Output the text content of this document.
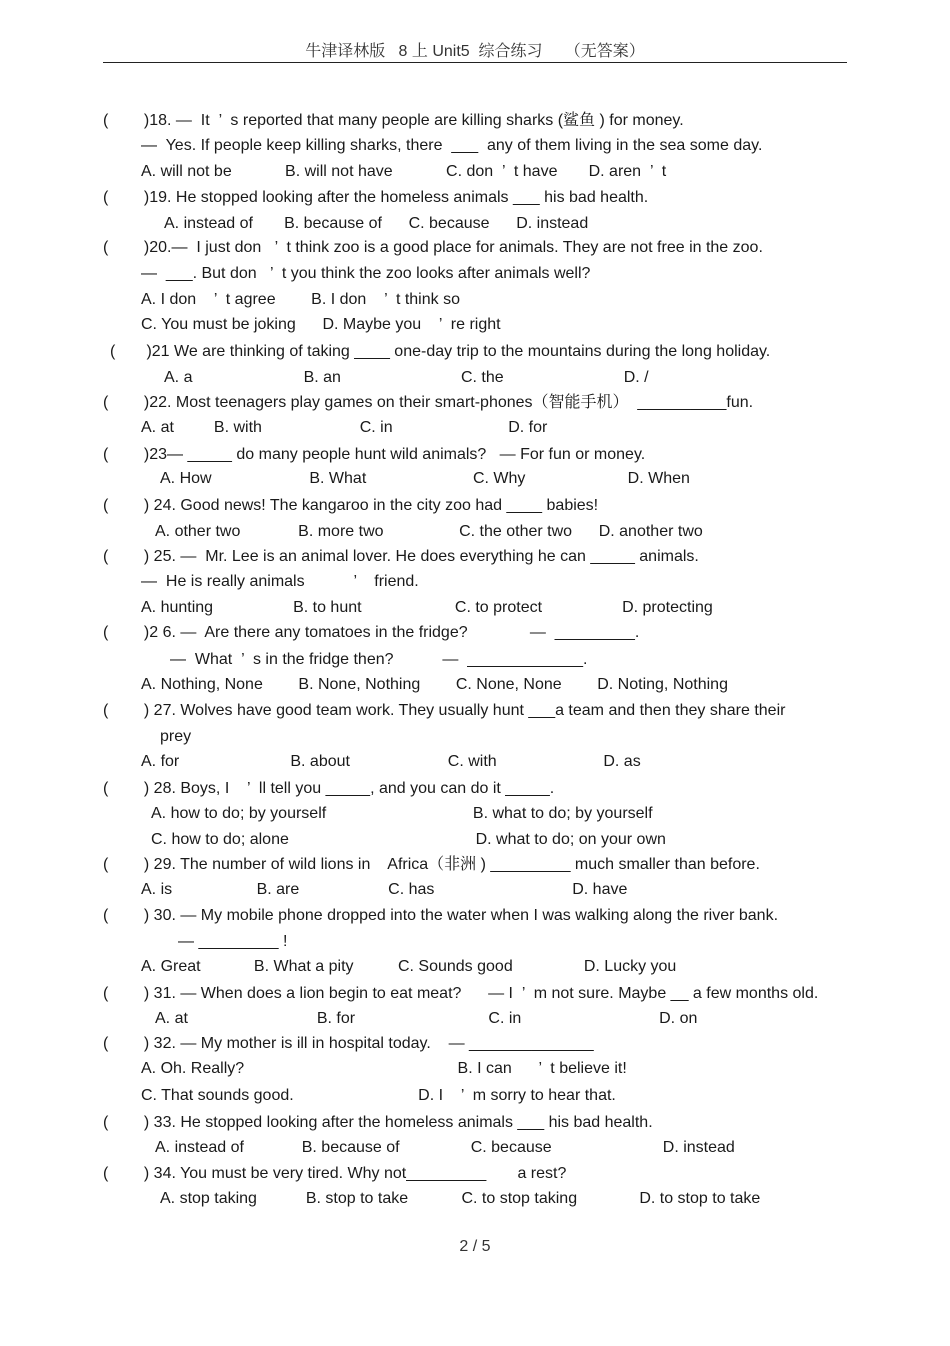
牛津译林版   8 上 Unit5  综合练习     （无答案）
(        )18. —  It  ’  s reported that many people are killing sharks (鲨鱼 ) for money.
—  Yes. If people keep killing sharks, there  ___  any of them living in the sea some day.
A. will not be            B. will not have            C. don  ’  t have       D. aren  ’  t
(        )19. He stopped looking after the homeless animals ___ his bad health.
A. instead of       B. because of      C. because      D. instead
(        )20.—  I just don   ’  t think zoo is a good place for animals. They are not free in the zoo.
—  ___. But don   ’  t you think the zoo looks after animals well?
A. I don    ’  t agree        B. I don    ’  t think so
C. You must be joking      D. Maybe you    ’  re right
(       )21 We are thinking of taking ____ one-day trip to the mountains during the long holiday.
A. a                         B. an                           C. the                           D. /
(        )22. Most teenagers play games on their smart-phones（智能手机）  __________fun.
A. at         B. with                      C. in                          D. for
(        )23— _____ do many people hunt wild animals?   — For fun or money.
A. How                      B. What                        C. Why                       D. When
(        ) 24. Good news! The kangaroo in the city zoo had ____ babies!
A. other two             B. more two                 C. the other two      D. another two
(        ) 25. —  Mr. Lee is an animal lover. He does everything he can _____ animals.
—  He is really animals           ’    friend.
A. hunting                  B. to hunt                     C. to protect                  D. protecting
(        )2 6. —  Are there any tomatoes in the fridge?              —  _________.
—  What  ’  s in the fridge then?           —  _____________.
A. Nothing, None        B. None, Nothing        C. None, None        D. Noting, Nothing
(        ) 27. Wolves have good team work. They usually hunt ___a team and then they share their
prey
A. for                         B. about                      C. with                        D. as
(        ) 28. Boys, I    ’  ll tell you _____, and you can do it _____.
A. how to do; by yourself                                 B. what to do; by yourself
C. how to do; alone                                          D. what to do; on your own
(        ) 29. The number of wild lions in    Africa（非洲 ) _________ much smaller than before.
A. is                   B. are                    C. has                               D. have
(        ) 30. — My mobile phone dropped into the water when I was walking along the river bank.
— _________ !
A. Great            B. What a pity          C. Sounds good                D. Lucky you
(        ) 31. — When does a lion begin to eat meat?      — I  ’  m not sure. Maybe __ a few months old.
A. at                             B. for                              C. in                               D. on
(        ) 32. — My mother is ill in hospital today.    — ______________
A. Oh. Really?                                                B. I can      ’  t believe it!
C. That sounds good.                            D. I    ’  m sorry to hear that.
(        ) 33. He stopped looking after the homeless animals ___ his bad health.
A. instead of             B. because of                C. because                         D. instead
(        ) 34. You must be very tired. Why not_________       a rest?
A. stop taking           B. stop to take            C. to stop taking              D. to stop to take
2 / 5
